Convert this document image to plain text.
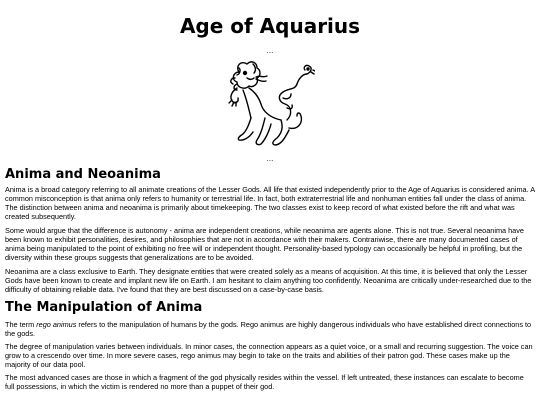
Age of Aquarius
...
...
Anima and Neoanima

Anima is a broad category referring to all animate creations of the Lesser Gods. All life that existed independently prior to the Age of Aquarius is considered anima. A common misconception is that anima only refers to humanity or terrestrial life. In fact, both extraterrestrial life and nonhuman entities fall under the class of anima. The distinction between anima and neoanima is primarily about timekeeping. The two classes exist to keep record of what existed before the rift and what was created subsequently.

Some would argue that the difference is autonomy - anima are independent creations, while neoanima are agents alone. This is not true. Several neoanima have been known to exhibit personalities, desires, and philosophies that are not in accordance with their makers. Contrariwise, there are many documented cases of anima being manipulated to the point of exhibiting no free will or independent thought. Personality-based typology can occasionally be helpful in profiling, but the diversity within these groups suggests that generalizations are to be avoided.

Neoanima are a class exclusive to Earth. They designate entities that were created solely as a means of acquisition. At this time, it is believed that only the Lesser Gods have been known to create and implant new life on Earth. I am hesitant to claim anything too confidently. Neoanima are critically under-researched due to the difficulty of obtaining reliable data. I've found that they are best discussed on a case-by-case basis.

The Manipulation of Anima

The term rego animus refers to the manipulation of humans by the gods. Rego animus are highly dangerous individuals who have established direct connections to the gods.

The degree of manipulation varies between individuals. In minor cases, the connection appears as a quiet voice, or a small and recurring suggestion. The voice can grow to a crescendo over time. In more severe cases, rego animus may begin to take on the traits and abilities of their patron god. These cases make up the majority of our data pool.

The most advanced cases are those in which a fragment of the god physically resides within the vessel. If left untreated, these instances can escalate to become full possessions, in which the victim is rendered no more than a puppet of their god.
